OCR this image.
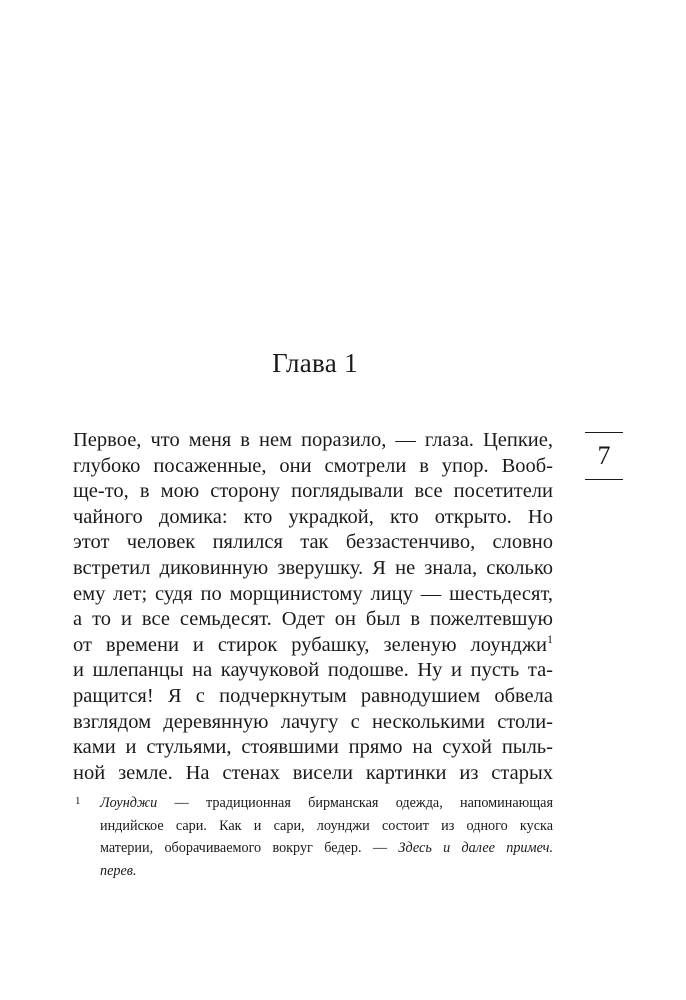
Глава 1
7
Первое, что меня в нем поразило, — глаза. Цепкие,
глубоко посаженные, они смотрели в упор. Вооб-
ще-то, в мою сторону поглядывали все посетители
чайного домика: кто украдкой, кто открыто. Но
этот человек пялился так беззастенчиво, словно
встретил диковинную зверушку. Я не знала, сколько
ему лет; судя по морщинистому лицу — шестьдесят,
а то и все семьдесят. Одет он был в пожелтевшую
от времени и стирок рубашку, зеленую лоунджи$^1$
и шлепанцы на каучуковой подошве. Ну и пусть та-
ращится! Я с подчеркнутым равнодушием обвела
взглядом деревянную лачугу с несколькими столи-
ками и стульями, стоявшими прямо на сухой пыль-
ной земле. На стенах висели картинки из старых
1 Лоунджи — традиционная бирманская одежда, напоминающая
индийское сари. Как и сари, лоунджи состоит из одного куска
материи, оборачиваемого вокруг бедер. — Здесь и далее примеч.
перев.
